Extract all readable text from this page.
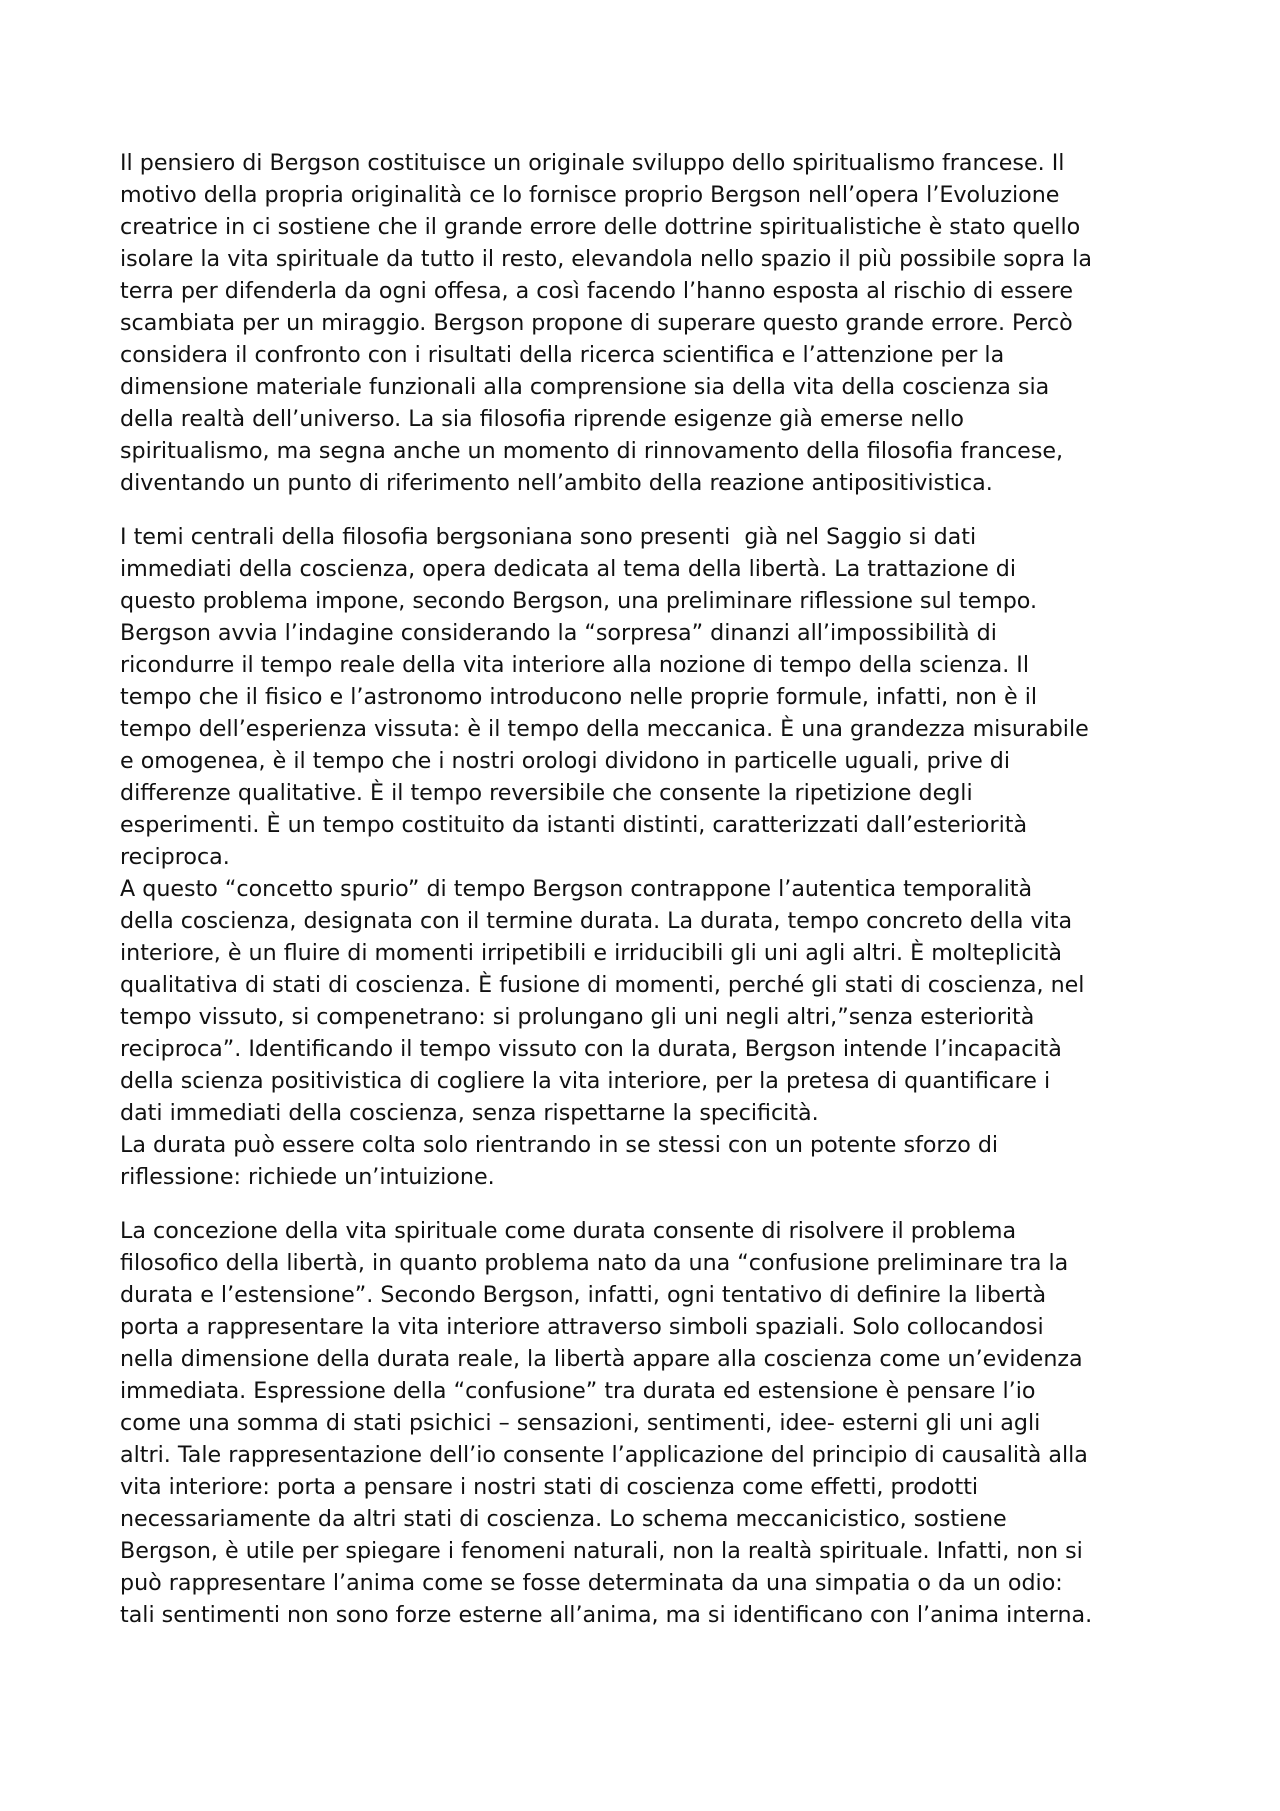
Il pensiero di Bergson costituisce un originale sviluppo dello spiritualismo francese. Il
motivo della propria originalità ce lo fornisce proprio Bergson nell’opera l’Evoluzione
creatrice in ci sostiene che il grande errore delle dottrine spiritualistiche è stato quello
isolare la vita spirituale da tutto il resto, elevandola nello spazio il più possibile sopra la
terra per difenderla da ogni offesa, a così facendo l’hanno esposta al rischio di essere
scambiata per un miraggio. Bergson propone di superare questo grande errore. Percò
considera il confronto con i risultati della ricerca scientifica e l’attenzione per la
dimensione materiale funzionali alla comprensione sia della vita della coscienza sia
della realtà dell’universo. La sia filosofia riprende esigenze già emerse nello
spiritualismo, ma segna anche un momento di rinnovamento della filosofia francese,
diventando un punto di riferimento nell’ambito della reazione antipositivistica.
I temi centrali della filosofia bergsoniana sono presenti  già nel Saggio si dati
immediati della coscienza, opera dedicata al tema della libertà. La trattazione di
questo problema impone, secondo Bergson, una preliminare riflessione sul tempo.
Bergson avvia l’indagine considerando la “sorpresa” dinanzi all’impossibilità di
ricondurre il tempo reale della vita interiore alla nozione di tempo della scienza. Il
tempo che il fisico e l’astronomo introducono nelle proprie formule, infatti, non è il
tempo dell’esperienza vissuta: è il tempo della meccanica. È una grandezza misurabile
e omogenea, è il tempo che i nostri orologi dividono in particelle uguali, prive di
differenze qualitative. È il tempo reversibile che consente la ripetizione degli
esperimenti. È un tempo costituito da istanti distinti, caratterizzati dall’esteriorità
reciproca.
A questo “concetto spurio” di tempo Bergson contrappone l’autentica temporalità
della coscienza, designata con il termine durata. La durata, tempo concreto della vita
interiore, è un fluire di momenti irripetibili e irriducibili gli uni agli altri. È molteplicità
qualitativa di stati di coscienza. È fusione di momenti, perché gli stati di coscienza, nel
tempo vissuto, si compenetrano: si prolungano gli uni negli altri,”senza esteriorità
reciproca”. Identificando il tempo vissuto con la durata, Bergson intende l’incapacità
della scienza positivistica di cogliere la vita interiore, per la pretesa di quantificare i
dati immediati della coscienza, senza rispettarne la specificità.
La durata può essere colta solo rientrando in se stessi con un potente sforzo di
riflessione: richiede un’intuizione.
La concezione della vita spirituale come durata consente di risolvere il problema
filosofico della libertà, in quanto problema nato da una “confusione preliminare tra la
durata e l’estensione”. Secondo Bergson, infatti, ogni tentativo di definire la libertà
porta a rappresentare la vita interiore attraverso simboli spaziali. Solo collocandosi
nella dimensione della durata reale, la libertà appare alla coscienza come un’evidenza
immediata. Espressione della “confusione” tra durata ed estensione è pensare l’io
come una somma di stati psichici – sensazioni, sentimenti, idee- esterni gli uni agli
altri. Tale rappresentazione dell’io consente l’applicazione del principio di causalità alla
vita interiore: porta a pensare i nostri stati di coscienza come effetti, prodotti
necessariamente da altri stati di coscienza. Lo schema meccanicistico, sostiene
Bergson, è utile per spiegare i fenomeni naturali, non la realtà spirituale. Infatti, non si
può rappresentare l’anima come se fosse determinata da una simpatia o da un odio:
tali sentimenti non sono forze esterne all’anima, ma si identificano con l’anima interna.
